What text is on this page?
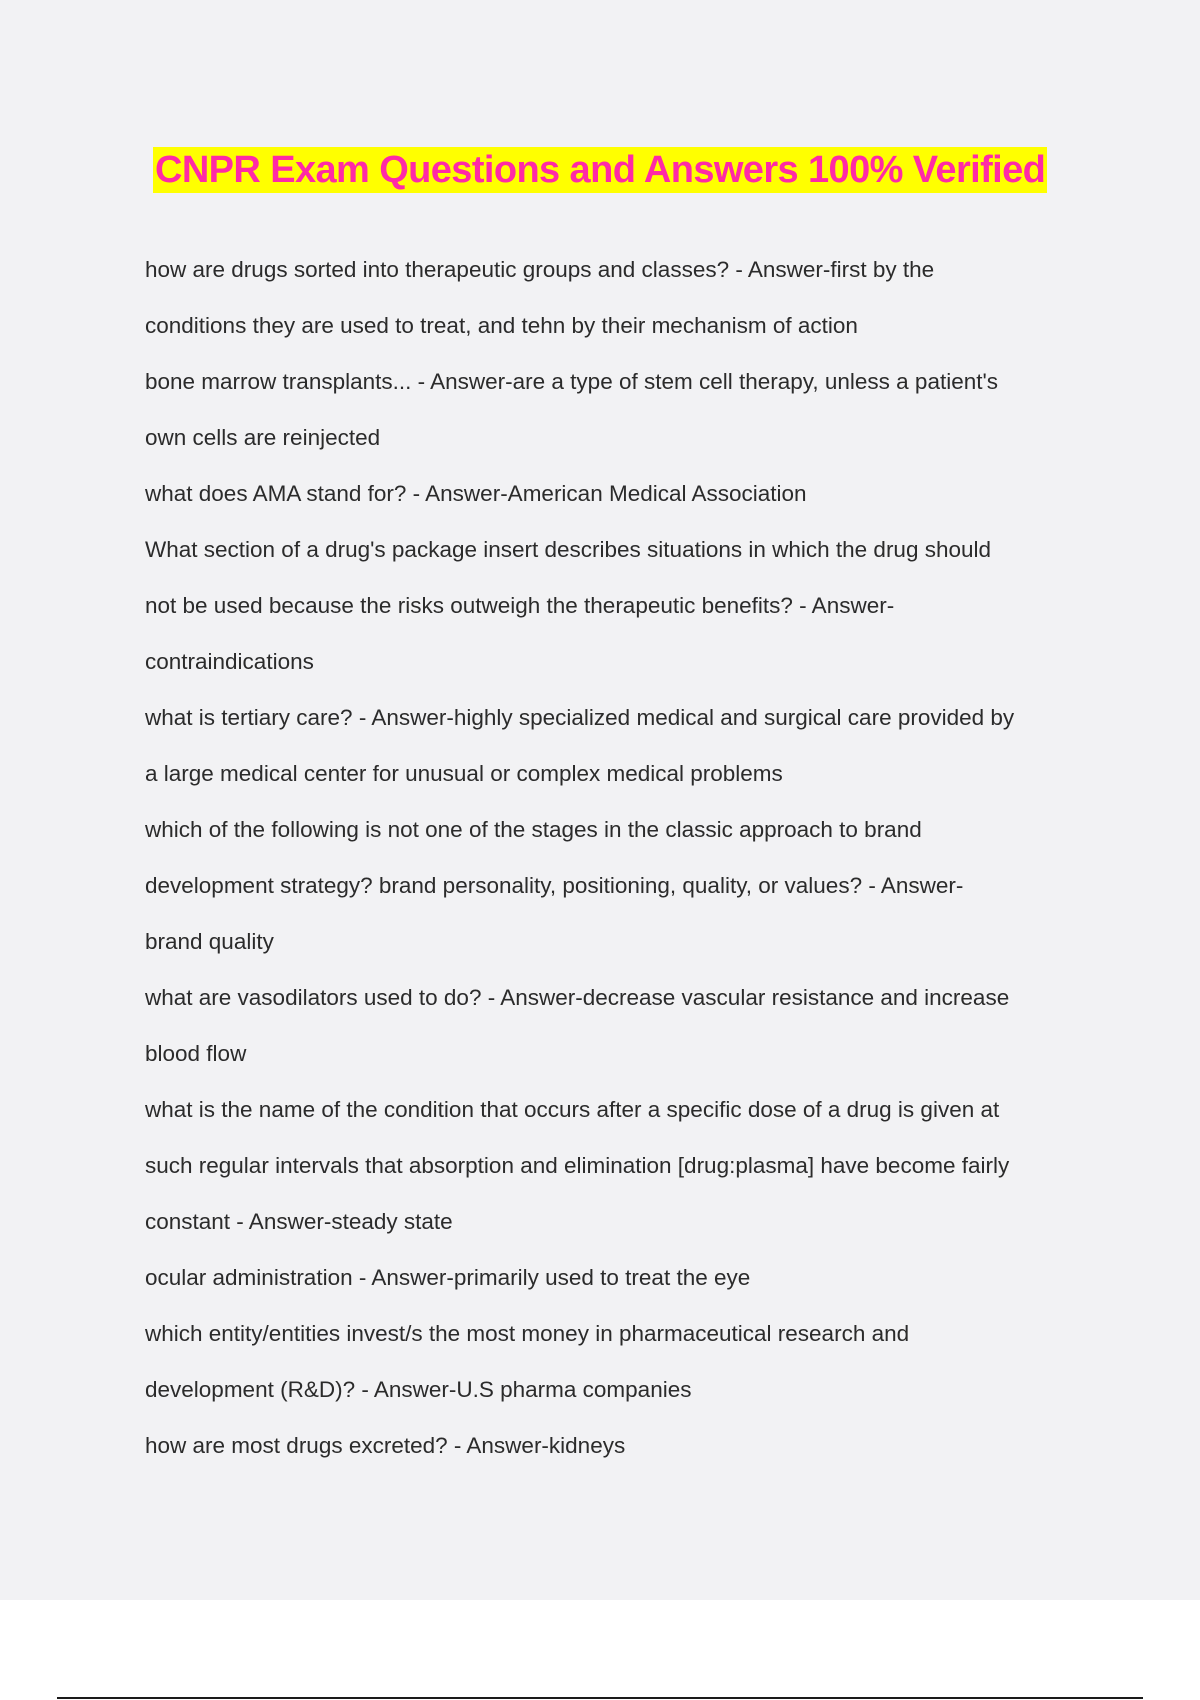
CNPR Exam Questions and Answers 100% Verified
how are drugs sorted into therapeutic groups and classes? - Answer-first by the
conditions they are used to treat, and tehn by their mechanism of action
bone marrow transplants... - Answer-are a type of stem cell therapy, unless a patient's
own cells are reinjected
what does AMA stand for? - Answer-American Medical Association
What section of a drug's package insert describes situations in which the drug should
not be used because the risks outweigh the therapeutic benefits? - Answer-
contraindications
what is tertiary care? - Answer-highly specialized medical and surgical care provided by
a large medical center for unusual or complex medical problems
which of the following is not one of the stages in the classic approach to brand
development strategy? brand personality, positioning, quality, or values? - Answer-
brand quality
what are vasodilators used to do? - Answer-decrease vascular resistance and increase
blood flow
what is the name of the condition that occurs after a specific dose of a drug is given at
such regular intervals that absorption and elimination [drug:plasma] have become fairly
constant - Answer-steady state
ocular administration - Answer-primarily used to treat the eye
which entity/entities invest/s the most money in pharmaceutical research and
development (R&D)? - Answer-U.S pharma companies
how are most drugs excreted? - Answer-kidneys
